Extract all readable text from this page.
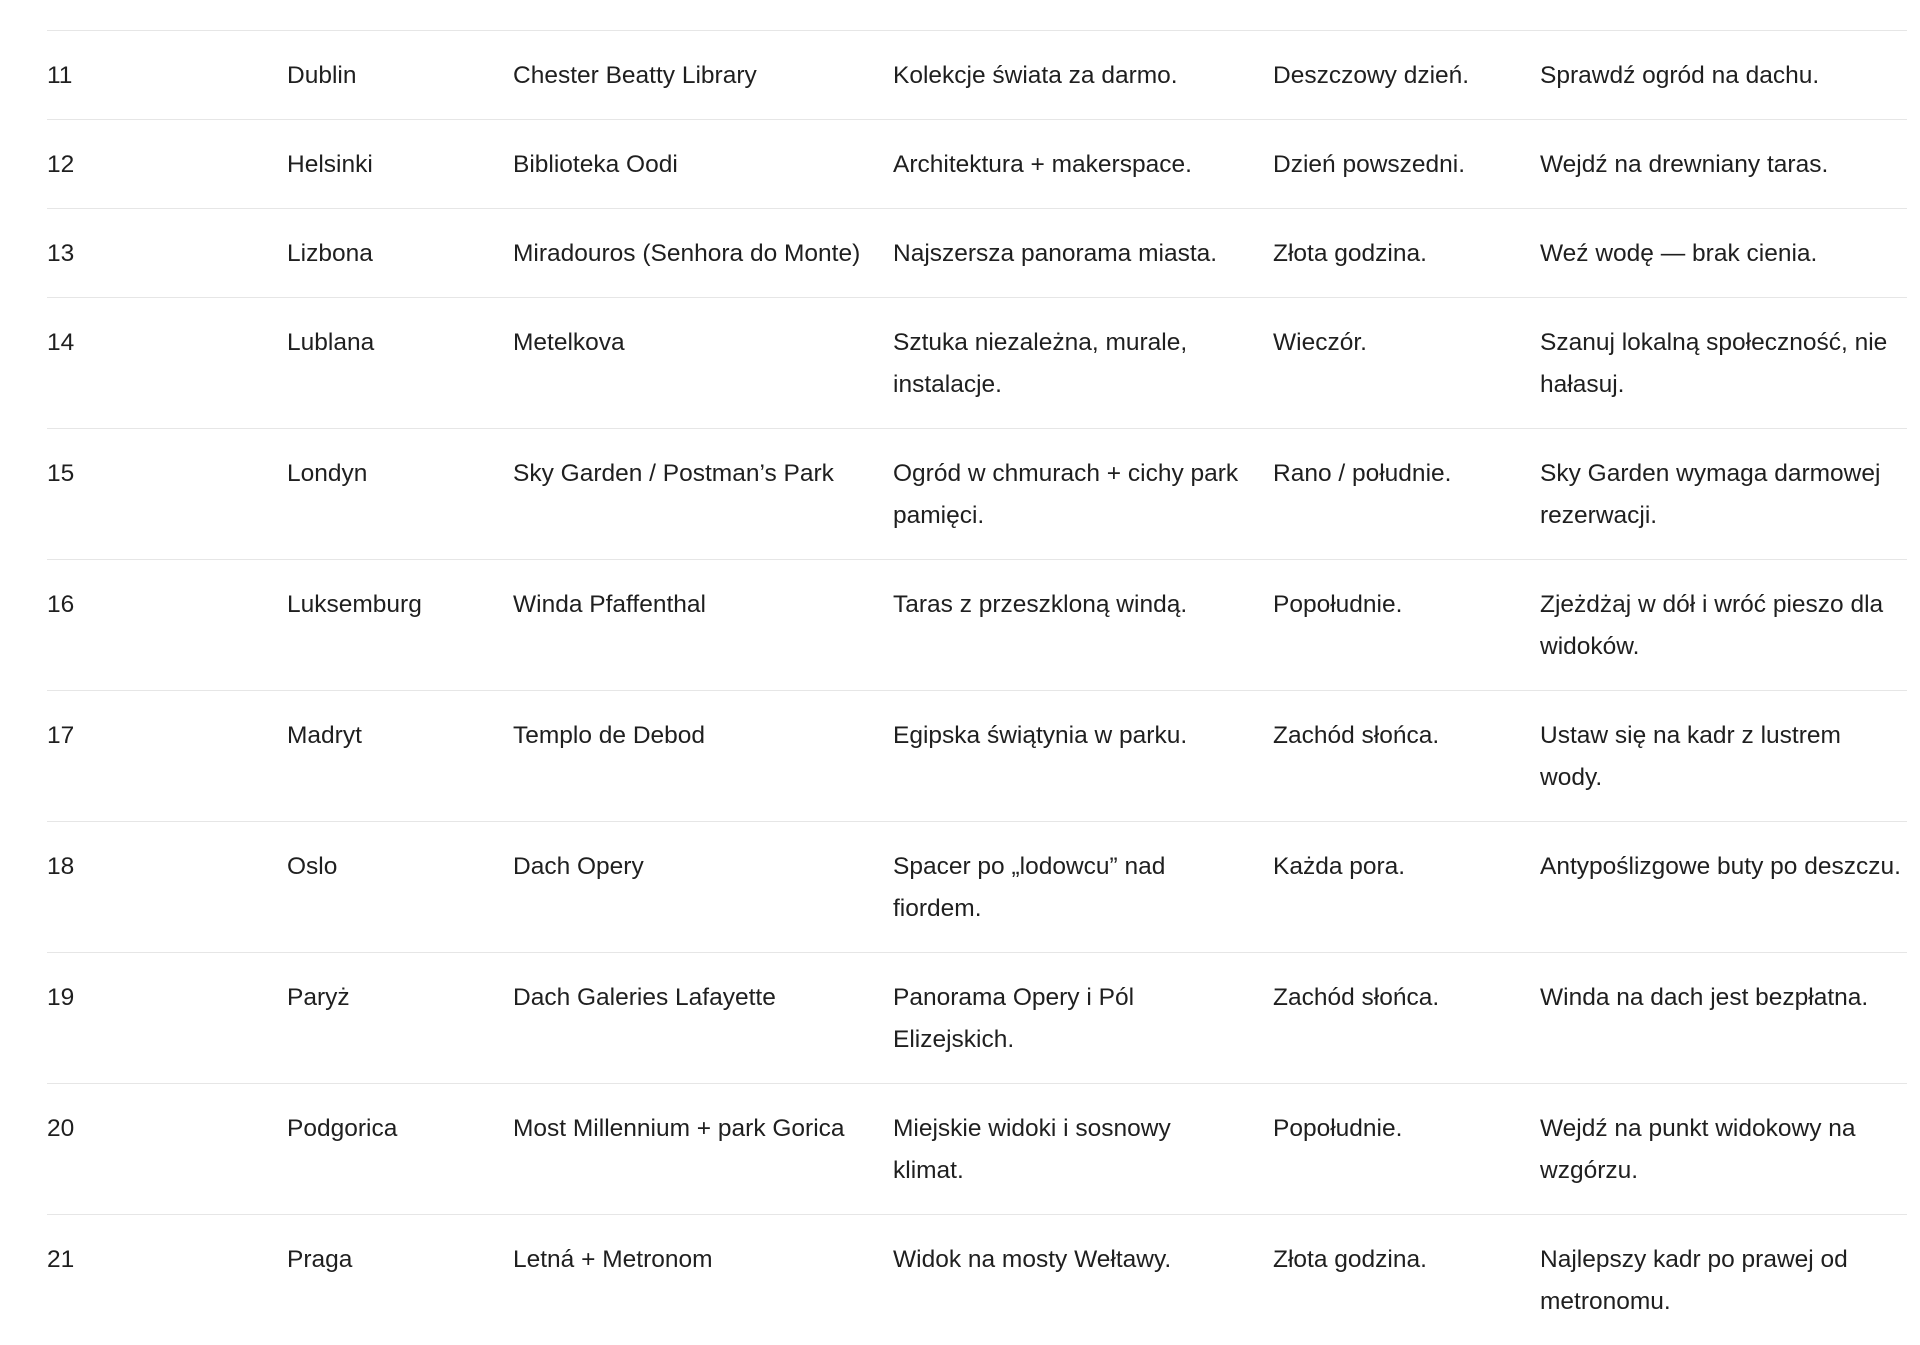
11	Dublin	Chester Beatty Library	Kolekcje świata za darmo.	Deszczowy dzień.	Sprawdź ogród na dachu.
12	Helsinki	Biblioteka Oodi	Architektura + makerspace.	Dzień powszedni.	Wejdź na drewniany taras.
13	Lizbona	Miradouros (Senhora do Monte)	Najszersza panorama miasta.	Złota godzina.	Weź wodę — brak cienia.
14	Lublana	Metelkova	Sztuka niezależna, murale, instalacje.	Wieczór.	Szanuj lokalną społeczność, nie hałasuj.
15	Londyn	Sky Garden / Postman’s Park	Ogród w chmurach + cichy park pamięci.	Rano / południe.	Sky Garden wymaga darmowej rezerwacji.
16	Luksemburg	Winda Pfaffenthal	Taras z przeszkloną windą.	Popołudnie.	Zjeżdżaj w dół i wróć pieszo dla widoków.
17	Madryt	Templo de Debod	Egipska świątynia w parku.	Zachód słońca.	Ustaw się na kadr z lustrem wody.
18	Oslo	Dach Opery	Spacer po „lodowcu” nad fiordem.	Każda pora.	Antypoślizgowe buty po deszczu.
19	Paryż	Dach Galeries Lafayette	Panorama Opery i Pól Elizejskich.	Zachód słońca.	Winda na dach jest bezpłatna.
20	Podgorica	Most Millennium + park Gorica	Miejskie widoki i sosnowy klimat.	Popołudnie.	Wejdź na punkt widokowy na wzgórzu.
21	Praga	Letná + Metronom	Widok na mosty Wełtawy.	Złota godzina.	Najlepszy kadr po prawej od metronomu.
